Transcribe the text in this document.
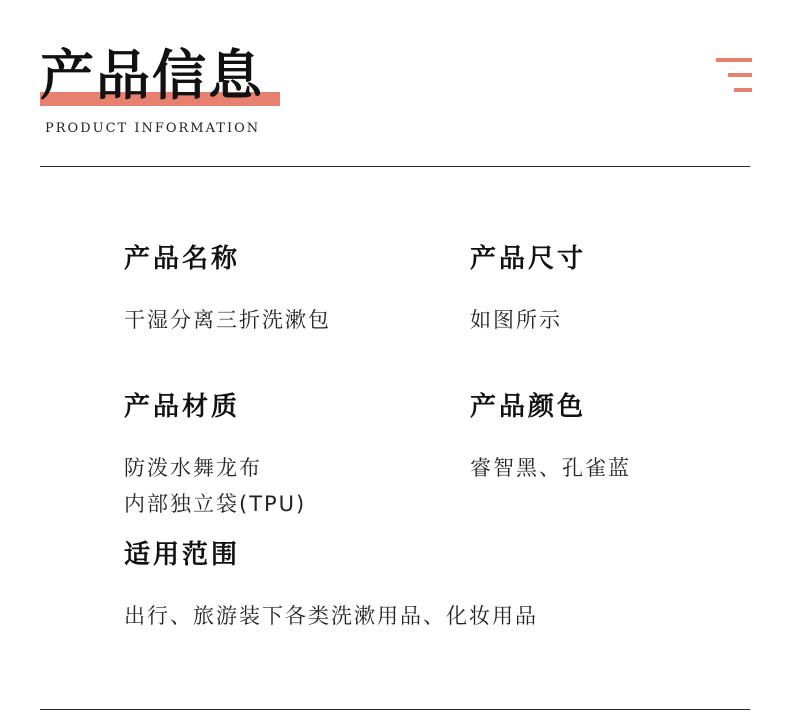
产品信息
PRODUCT INFORMATION
产品名称
干湿分离三折洗漱包
产品尺寸
如图所示
产品材质
防泼水舞龙布
内部独立袋(TPU)
产品颜色
睿智黑、孔雀蓝
适用范围
出行、旅游装下各类洗漱用品、化妆用品
